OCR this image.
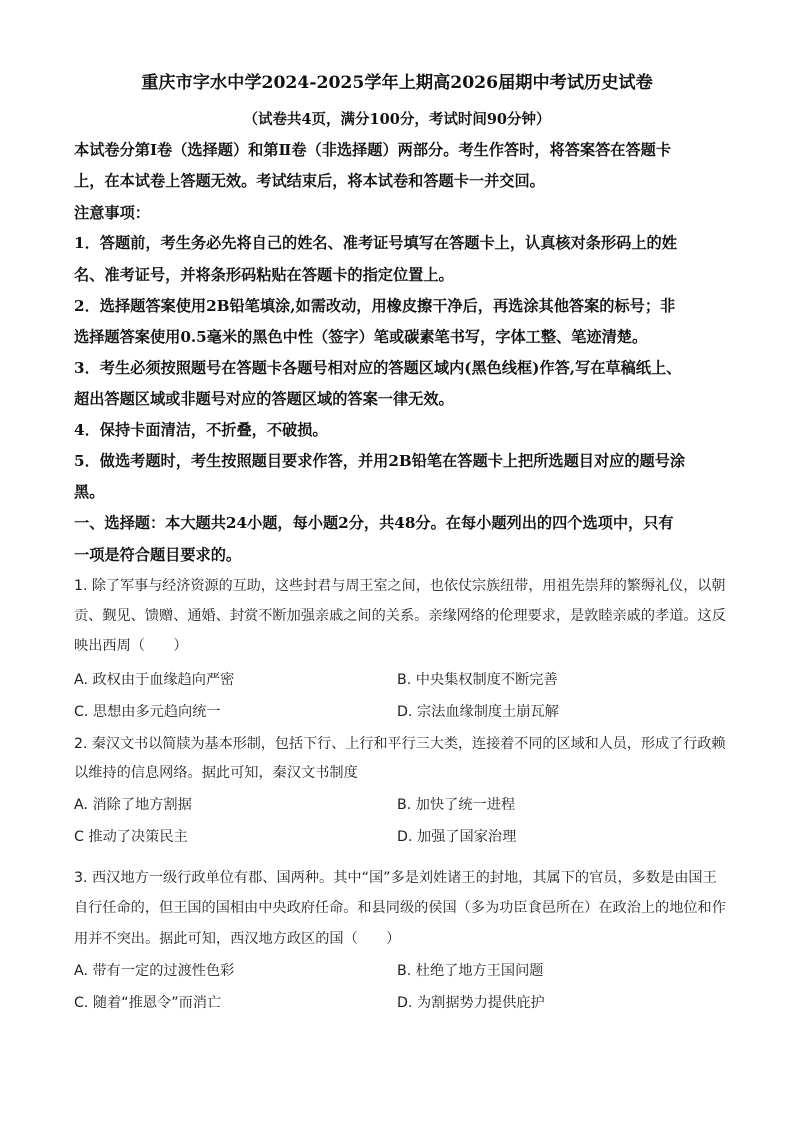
重庆市字水中学2024-2025学年上期高2026届期中考试历史试卷
（试卷共4页，满分100分，考试时间90分钟）
本试卷分第Ⅰ卷（选择题）和第Ⅱ卷（非选择题）两部分。考生作答时，将答案答在答题卡
上，在本试卷上答题无效。考试结束后，将本试卷和答题卡一并交回。
注意事项：
1．答题前，考生务必先将自己的姓名、准考证号填写在答题卡上，认真核对条形码上的姓
名、准考证号，并将条形码粘贴在答题卡的指定位置上。
2．选择题答案使用2B铅笔填涂,如需改动，用橡皮擦干净后，再选涂其他答案的标号；非
选择题答案使用0.5毫米的黑色中性（签字）笔或碳素笔书写，字体工整、笔迹清楚。
3．考生必须按照题号在答题卡各题号相对应的答题区域内(黑色线框)作答,写在草稿纸上、
超出答题区域或非题号对应的答题区域的答案一律无效。
4．保持卡面清洁，不折叠，不破损。
5．做选考题时，考生按照题目要求作答，并用2B铅笔在答题卡上把所选题目对应的题号涂
黑。
一、选择题：本大题共24小题，每小题2分，共48分。在每小题列出的四个选项中，只有
一项是符合题目要求的。
1. 除了军事与经济资源的互助，这些封君与周王室之间，也依仗宗族纽带，用祖先崇拜的繁缛礼仪，以朝
贡、觐见、馈赠、通婚、封赏不断加强亲戚之间的关系。亲缘网络的伦理要求，是敦睦亲戚的孝道。这反
映出西周（　　）
A. 政权由于血缘趋向严密	B. 中央集权制度不断完善
C. 思想由多元趋向统一	D. 宗法血缘制度土崩瓦解
2. 秦汉文书以简牍为基本形制，包括下行、上行和平行三大类，连接着不同的区域和人员，形成了行政赖
以维持的信息网络。据此可知，秦汉文书制度
A. 消除了地方割据	B. 加快了统一进程
C 推动了决策民主	D. 加强了国家治理
3. 西汉地方一级行政单位有郡、国两种。其中“国”多是刘姓诸王的封地，其属下的官员，多数是由国王
自行任命的，但王国的国相由中央政府任命。和县同级的侯国（多为功臣食邑所在）在政治上的地位和作
用并不突出。据此可知，西汉地方政区的国（　　）
A. 带有一定的过渡性色彩	B. 杜绝了地方王国问题
C. 随着“推恩令”而消亡	D. 为割据势力提供庇护
